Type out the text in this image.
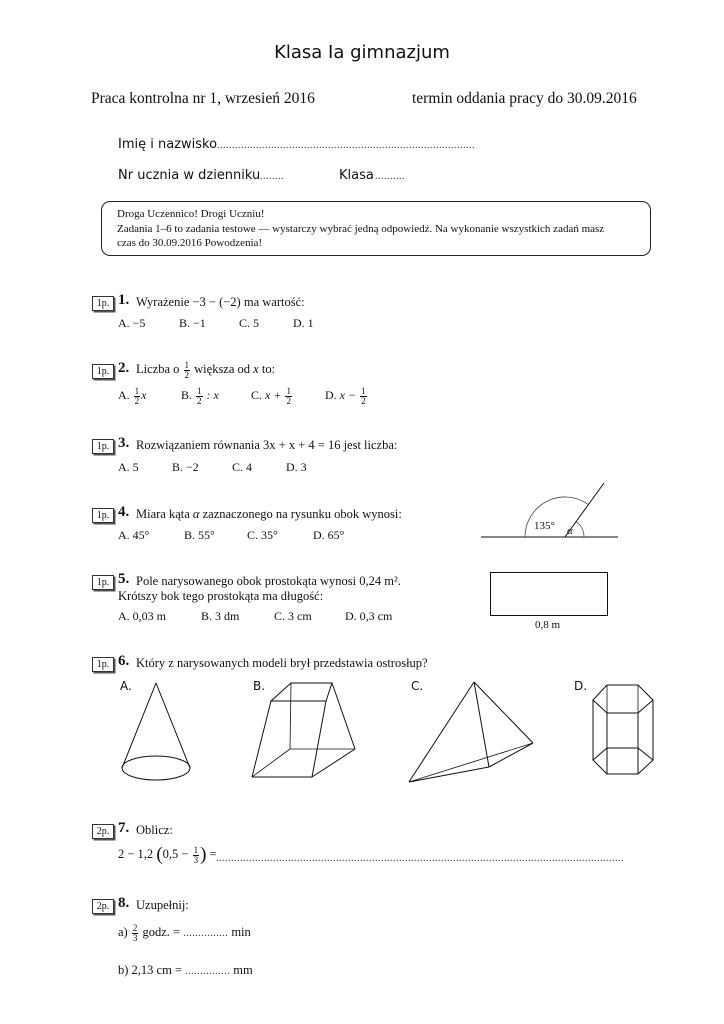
Klasa Ia gimnazjum
Praca kontrolna nr 1, wrzesień 2016	termin oddania pracy do 30.09.2016
Imię i nazwisko ......................................................................................
Nr ucznia w dzienniku
..........	Klasa ..........
Droga Uczennico! Drogi Uczniu!
Zadania 1–6 to zadania testowe — wystarczy wybrać jedną odpowiedź. Na wykonanie wszystkich zadań masz
czas do 30.09.2016 Powodzenia!
1p. 1. Wyrażenie −3 − (−2) ma wartość:
A. −5	B. −1	C. 5	D. 1
1p. 2. Liczba o $\frac{1}{2}$ większa od x to:
A. $\frac{1}{2}$ x	B. $\frac{1}{2}$ : x	C. $x + \frac{1}{2}$	D. $x - \frac{1}{2}$
1p. 3. Rozwiązaniem równania 3x + x + 4 = 16 jest liczba:
A. 5	B. −2	C. 4	D. 3
1p. 4. Miara kąta α zaznaczonego na rysunku obok wynosi:
A. 45°	B. 55°	C. 35°	D. 65°
135° α
1p. 5. Pole narysowanego obok prostokąta wynosi 0,24 m².
Krótszy bok tego prostokąta ma długość:
A. 0,03 m	B. 3 dm	C. 3 cm	D. 0,3 cm
0,8 m
1p. 6. Który z narysowanych modeli brył przedstawia ostrosłup?
A.	B.	C.	D.
2p. 7. Oblicz:
2 − 1,2 ($0,5 - \frac{1}{3}$ ) = ........................................................................................................................................
2p. 8. Uzupełnij:
$a) \frac{2}{3}$ godz. = ............... min
b) 2,13 cm = ............... mm
